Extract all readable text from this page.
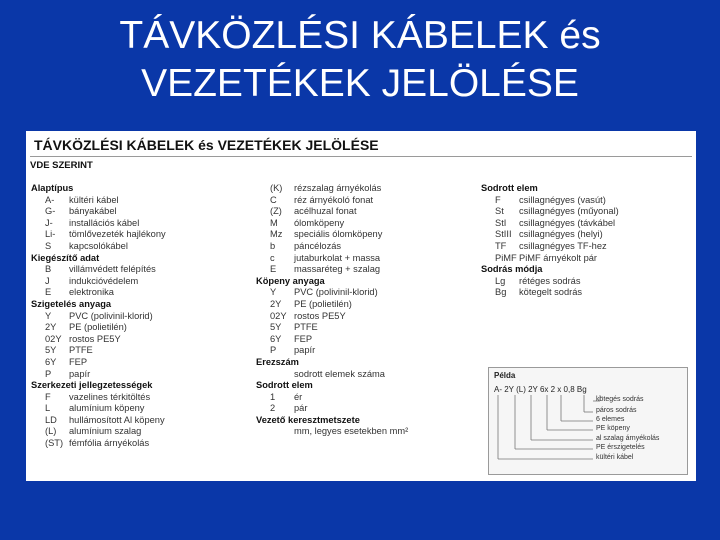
TÁVKÖZLÉSI KÁBELEK és
VEZETÉKEK JELÖLÉSE
TÁVKÖZLÉSI KÁBELEK és VEZETÉKEK JELÖLÉSE
VDE SZERINT
Alaptípus
A- kültéri kábel
G- bányakábel
J- installációs kábel
Li- tömlővezeték hajlékony
S kapcsolókábel
Kiegészítő adat
B villámvédett felépítés
J indukcióvédelem
E elektronika
Szigetelés anyaga
Y PVC (polivinil-klorid)
2Y PE (polietilén)
02Y rostos PE5Y
5Y PTFE
6Y FEP
P papír
Szerkezeti jellegzetességek
F vazelines térkitöltés
L alumínium köpeny
LD hullámosított Al köpeny
(L) alumínium szalag
(ST) fémfólia árnyékolás
(K) rézszalag árnyékolás
C réz árnyékoló fonat
(Z) acélhuzal fonat
M ólomköpeny
Mz speciális ólomköpeny
b páncélozás
c jutaburkolat + massa
E massaréteg + szalag
Köpeny anyaga
Y PVC (polivinil-klorid)
2Y PE (polietilén)
02Y rostos PE5Y
5Y PTFE
6Y FEP
P papír
Erezszám
sodrott elemek száma
Sodrott elem
1 ér
2 pár
Vezető keresztmetszete
mm, legyes esetekben mm²
Sodrott elem
F csillagnégyes (vasút)
St csillagnégyes (műyonal)
StI csillagnégyes (távkábel
StIII csillagnégyes (helyi)
TF csillagnégyes TF-hez
PiMF PiMF árnyékolt pár
Sodrás módja
Lg rétéges sodrás
Bg kötegelt sodrás
Példa
A- 2Y (L) 2Y 6x 2 x 0,8 Bg
kötegés sodrás
páros sodrás
6 elemes
PE köpeny
al szalag árnyékolás
PE érszigetelés
kültéri kábel
